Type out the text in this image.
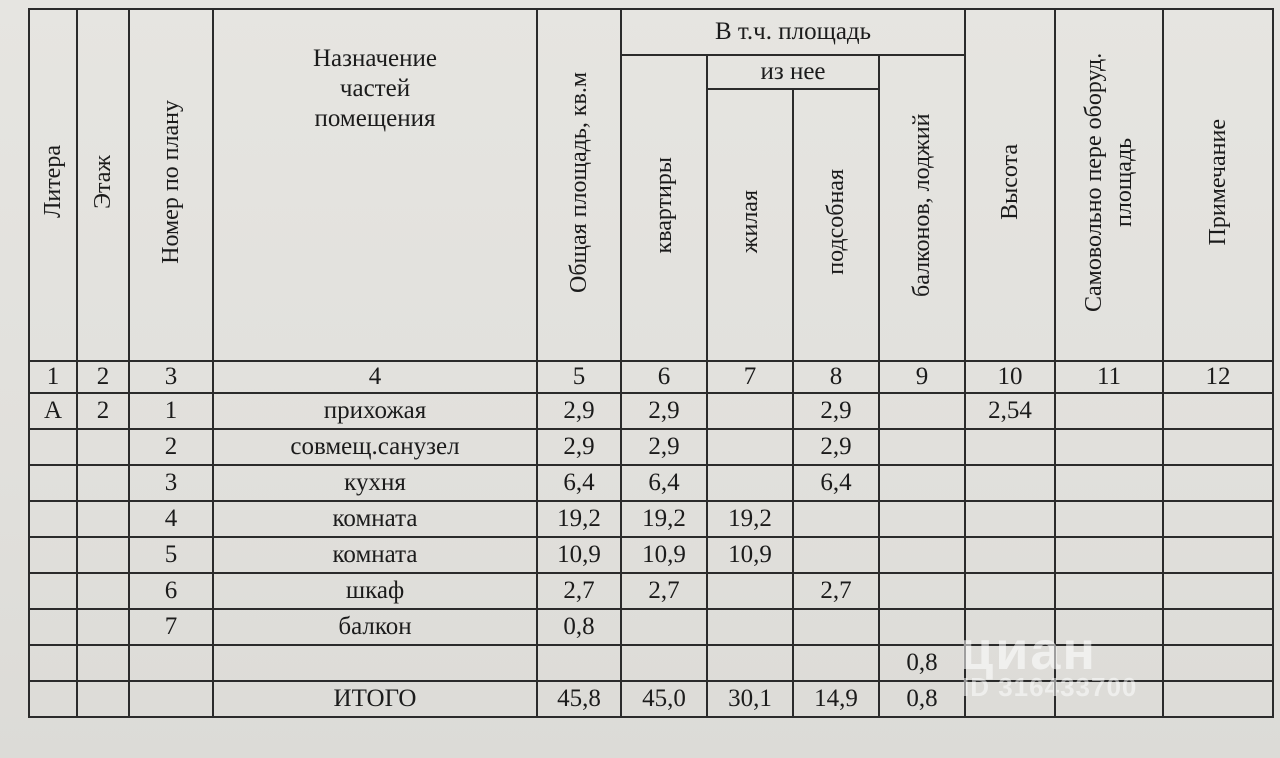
Литера	Этаж	Номер по плану	Назначение частей помещения	Общая площадь, кв.м	В т.ч. площадь				Высота	Самовольно пере оборуд. площадь	Примечание
					квартиры	из нее		балконов, лоджий			
						жилая	подсобная				
1	2	3	4	5	6	7	8	9	10	11	12
А	2	1	прихожая	2,9	2,9		2,9		2,54		
		2	совмещ.санузел	2,9	2,9		2,9				
		3	кухня	6,4	6,4		6,4				
		4	комната	19,2	19,2	19,2					
		5	комната	10,9	10,9	10,9					
		6	шкаф	2,7	2,7		2,7				
		7	балкон	0,8							
								0,8			
			ИТОГО	45,8	45,0	30,1	14,9	0,8			
циан
ID 316433700
